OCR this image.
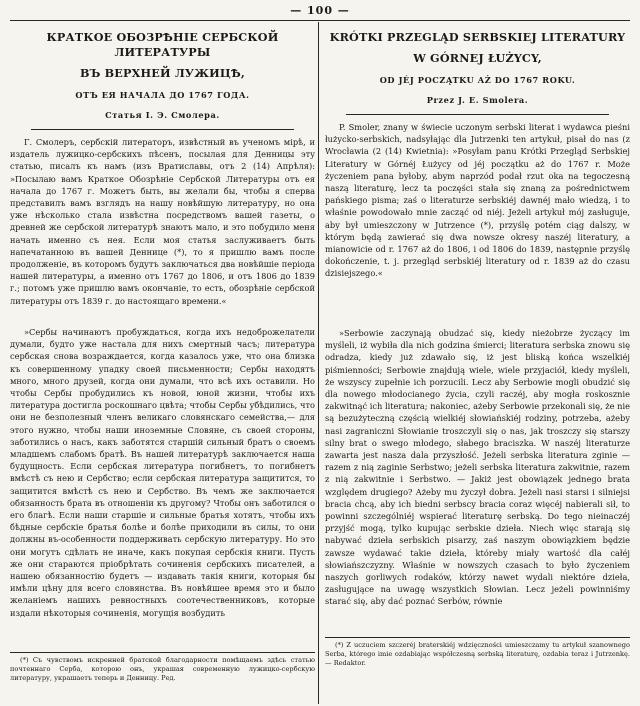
— 100 —
КРАТКОЕ ОБОЗРѢНІЕ СЕРБСКОЙ ЛИТЕРАТУРЫ
ВЪ ВЕРХНЕЙ ЛУЖИЦѢ,
ОТЪ ЕЯ НАЧАЛА ДО 1767 ГОДА.
Статья І. Э. Смолера.

Г. Смолеръ, сербскій литераторъ, извѣстный въ ученомъ мірѣ, и издатель лужицко-сербскихъ пѣсенъ, посылая для Денницы эту статью, писалъ къ намъ (изъ Вратиславы, отъ 2 (14) Апрѣля): »Посылаю вамъ Краткое Обозрѣніе Сербской Литературы отъ ея начала до 1767 г. Можетъ быть, вы желали бы, чтобы я сперва представилъ вамъ взглядъ на нашу новѣйшую литературу, но она уже нѣсколько стала извѣстна посредствомъ вашей газеты, о древней же сербской литературѣ знаютъ мало, и это побудило меня начать именно съ нея. Если моя статья заслуживаетъ быть напечатанною въ вашей Деннице (*), то я пришлю вамъ после продолженіе, въ которомъ будутъ заключаться два новѣйшіе періода нашей литературы, а именно отъ 1767 до 1806, и отъ 1806 до 1839 г.; потомъ уже пришлю вамъ окончаніе, то есть, обозрѣніе сербской литературы отъ 1839 г. до настоящаго времени.«

»Сербы начинаютъ пробуждаться, когда ихъ недоброжелатели думали, будто уже настала для нихъ смертный часъ; литература сербская снова возраждается, когда казалось уже, что она близка къ совершенному упадку своей письменности; Сербы находятъ много, много друзей, когда они думали, что всѣ ихъ оставили. Но чтобы Сербы пробудились къ новой, юной жизни, чтобы ихъ литература достигла роскошнаго цвѣта; чтобы Сербы убѣдились, что они не безполезный членъ великаго словянскаго семейства,— для этого нужно, чтобы наши иноземные Словяне, съ своей стороны, заботились о насъ, какъ заботятся старшій сильный братъ о своемъ младшемъ слабомъ братѣ. Въ нашей литературѣ заключается наша будущность. Если сербская литература погибнетъ, то погибнетъ вмѣстѣ съ нею и Сербство; если сербская литература защитится, то защитится вмѣстѣ съ нею и Сербство. Въ чемъ же заключается обязанность брата въ отношеніи къ другому? Чтобы онъ заботился о его благѣ. Если наши старшіе и сильные братья хотятъ, чтобы ихъ бѣдные сербскіе братья болѣе и болѣе приходили въ силы, то они должны въ-особенности поддерживать сербскую литературу. Но это они могутъ сдѣлать не иначе, какъ покупая сербскія книги. Пусть же они стараются пріобрѣтать сочиненія сербскихъ писателей, а нашею обязанностію будетъ — издавать такія книги, которыя бы имѣли цѣну для всего словянства. Въ новѣйшее время это и было желаніемъ нашихъ ревностныхъ соотечественниковъ, которые издали нѣкоторыя сочиненія, могущія возбудить

(*) Съ чувствомъ искренней братской благодарности помѣщаемъ здѣсь статью почтеннаго Серба, которою онъ, украшая современную лужицко-сербскую литературу, украшаетъ теперь и Денницу. Ред.

KRÓTKI PRZEGLĄD SERBSKIEJ LITERATURY
W GÓRNEJ ŁUŻYCY,
OD JÉJ POCZĄTKU AŻ DO 1767 ROKU.
Przez J. E. Smolera.

P. Smoler, znany w świecie uczonym serbski literat i wydawca pieśni łużycko-serbskich, nadsyłając dla Jutrzenki ten artykuł, pisał do nas (z Wrocławia (2 (14) Kwietnia): »Posyłam panu Krótki Przegląd Serbskiej Literatury w Górnéj Łużycy od jéj początku aż do 1767 r. Może życzeniem pana byłoby, abym naprzód podał rzut oka na tegoczesną naszą literaturę, lecz ta poczęści stała się znaną za pośrednictwem pańskiego pisma; zaś o literaturze serbskiéj dawnéj mało wiedzą, i to właśnie powodowało mnie zacząć od niéj. Jeżeli artykuł mój zasługuje, aby był umieszczony w Jutrzence (*), przyślę potém ciąg dalszy, w którym będą zawierać się dwa nowsze okresy naszéj literatury, a mianowicie od r. 1767 aż do 1806, i od 1806 do 1839, następnie przyślę dokończenie, t. j. przegląd serbskiéj literatury od r. 1839 aż do czasu dzisiejszego.«

»Serbowie zaczynają obudzać się, kiedy nieżobrze życzący im myśleli, iż wybiła dla nich godzina śmierci; literatura serbska znowu się odradza, kiedy już zdawało się, iż jest bliską końca wszelkiéj piśmienności; Serbowie znajdują wiele, wiele przyjaciół, kiedy myśleli, że wszyscy zupełnie ich porzucili. Lecz aby Serbowie mogli obudzić się dla nowego młodocianego życia, czyli raczéj, aby mogła roskosznie zakwitnąć ich literatura; nakoniec, ażeby Serbowie przekonali się, że nie są bezużyteczną częścią wielkiéj słowiańskiéj rodziny, potrzeba, ażeby nasi zagraniczni Słowianie troszczyli się o nas, jak troszczy się starszy silny brat o swego młodego, słabego braciszka. W naszéj literaturze zawarta jest nasza dala przyszłość. Jeżeli serbska literatura zginie — razem z nią zaginie Serbstwo; jeżeli serbska literatura zakwitnie, razem z nią zakwitnie i Serbstwo. — Jakiż jest obowiązek jednego brata względem drugiego? Ażeby mu życzył dobra. Jeżeli nasi starsi i silniejsi bracia chcą, aby ich biedni serbscy bracia coraz więcéj nabierali sił, to powinni szczególniéj wspierać literaturę serbską. Do tego nieinaczéj przyjść mogą, tylko kupując serbskie dzieła. Niech więc starają się nabywać dzieła serbskich pisarzy, zaś naszym obowiązkiem będzie zawsze wydawać takie dzieła, któreby miały wartość dla całéj słowiańszczyzny. Właśnie w nowszych czasach to było życzeniem naszych gorliwych rodaków, którzy nawet wydali niektóre dzieła, zasługujące na uwagę wszystkich Słowian. Lecz jeżeli powinniśmy starać się, aby dać poznać Serbów, równie

(*) Z uczuciem szczeréj braterskiéj wdzięczności umieszczamy tu artykuł szanownego Serba, którego imie ozdabiając współczesną serbską literaturę, ozdabia teraz i Jutrzenkę. — Redaktor.
